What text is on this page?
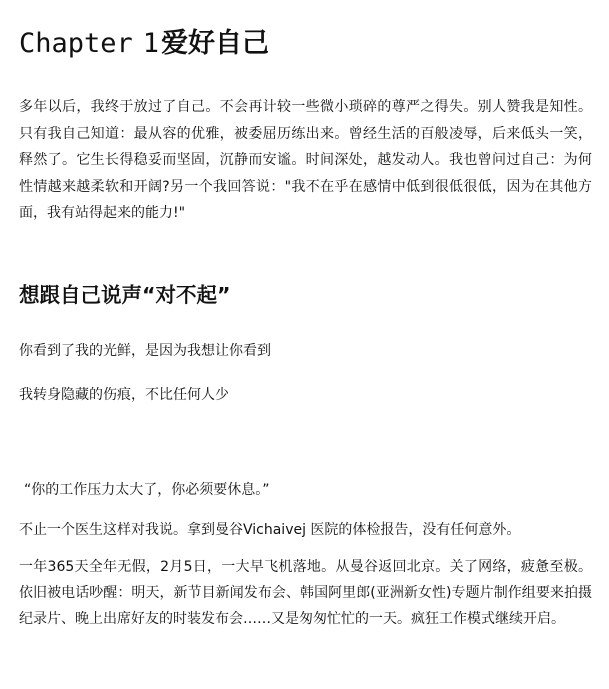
Chapter 1爱好自己

多年以后，我终于放过了自己。不会再计较一些微小琐碎的尊严之得失。别人赞我是知性。只有我自己知道：最从容的优雅，被委屈历练出来。曾经生活的百般凌辱，后来低头一笑，释然了。它生长得稳妥而坚固，沉静而安谧。时间深处，越发动人。我也曾问过自己：为何性情越来越柔软和开阔?另一个我回答说："我不在乎在感情中低到很低很低，因为在其他方面，我有站得起来的能力!"

想跟自己说声“对不起”

你看到了我的光鲜，是因为我想让你看到

我转身隐藏的伤痕，不比任何人少

“你的工作压力太大了，你必须要休息。”

不止一个医生这样对我说。拿到曼谷Vichaivej 医院的体检报告，没有任何意外。

一年365天全年无假，2月5日，一大早飞机落地。从曼谷返回北京。关了网络，疲惫至极。依旧被电话吵醒：明天，新节目新闻发布会、韩国阿里郎(亚洲新女性)专题片制作组要来拍摄纪录片、晚上出席好友的时装发布会……又是匆匆忙忙的一天。疯狂工作模式继续开启。
